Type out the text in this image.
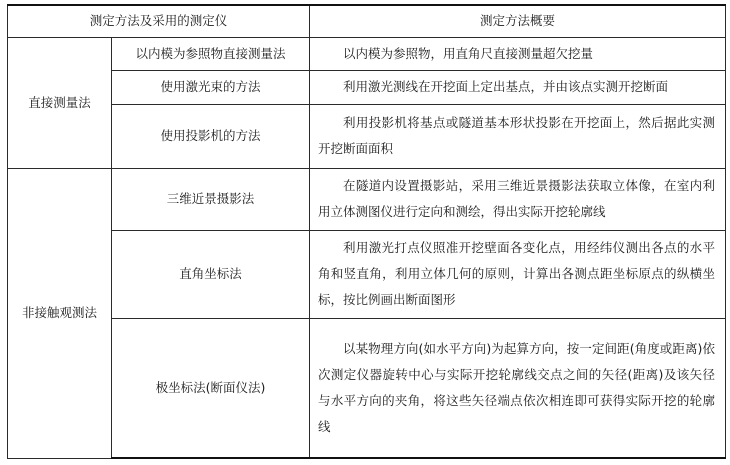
测定方法及采用的测定仪		测定方法概要
直接测量法	以内模为参照物直接测量法	以内模为参照物，用直角尺直接测量超欠挖量
	使用激光束的方法	利用激光测线在开挖面上定出基点，并由该点实测开挖断面
	使用投影机的方法	利用投影机将基点或隧道基本形状投影在开挖面上，然后据此实测开挖断面面积
非接触观测法	三维近景摄影法	在隧道内设置摄影站，采用三维近景摄影法获取立体像，在室内利用立体测图仪进行定向和测绘，得出实际开挖轮廓线
	直角坐标法	利用激光打点仪照准开挖壁面各变化点，用经纬仪测出各点的水平角和竖直角，利用立体几何的原则，计算出各测点距坐标原点的纵横坐标，按比例画出断面图形
	极坐标法(断面仪法)	以某物理方向(如水平方向)为起算方向，按一定间距(角度或距离)依次测定仪器旋转中心与实际开挖轮廓线交点之间的矢径(距离)及该矢径与水平方向的夹角，将这些矢径端点依次相连即可获得实际开挖的轮廓线
